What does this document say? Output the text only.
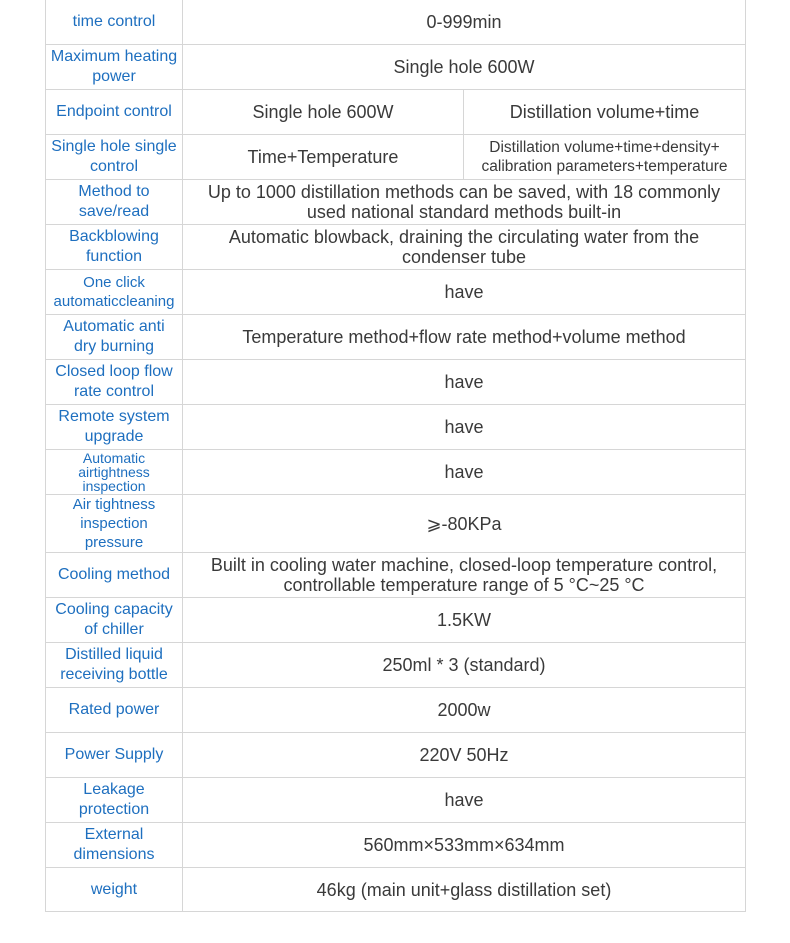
time control	0-999min	
Maximum heating power	Single hole 600W	
Endpoint control	Single hole 600W	Distillation volume+time
Single hole single control	Time+Temperature	Distillation volume+time+density+ calibration parameters+temperature
Method to save/read	Up to 1000 distillation methods can be saved, with 18 commonly used national standard methods built-in	
Backblowing function	Automatic blowback, draining the circulating water from the condenser tube	
One click automaticcleaning	have	
Automatic anti dry burning	Temperature method+flow rate method+volume method	
Closed loop flow rate control	have	
Remote system upgrade	have	
Automatic airtightness inspection	have	
Air tightness inspection pressure	⩾-80KPa	
Cooling method	Built in cooling water machine, closed-loop temperature control, controllable temperature range of 5 °C~25 °C	
Cooling capacity of chiller	1.5KW	
Distilled liquid receiving bottle	250ml * 3 (standard)	
Rated power	2000w	
Power Supply	220V 50Hz	
Leakage protection	have	
External dimensions	560mm×533mm×634mm	
weight	46kg (main unit+glass distillation set)	
